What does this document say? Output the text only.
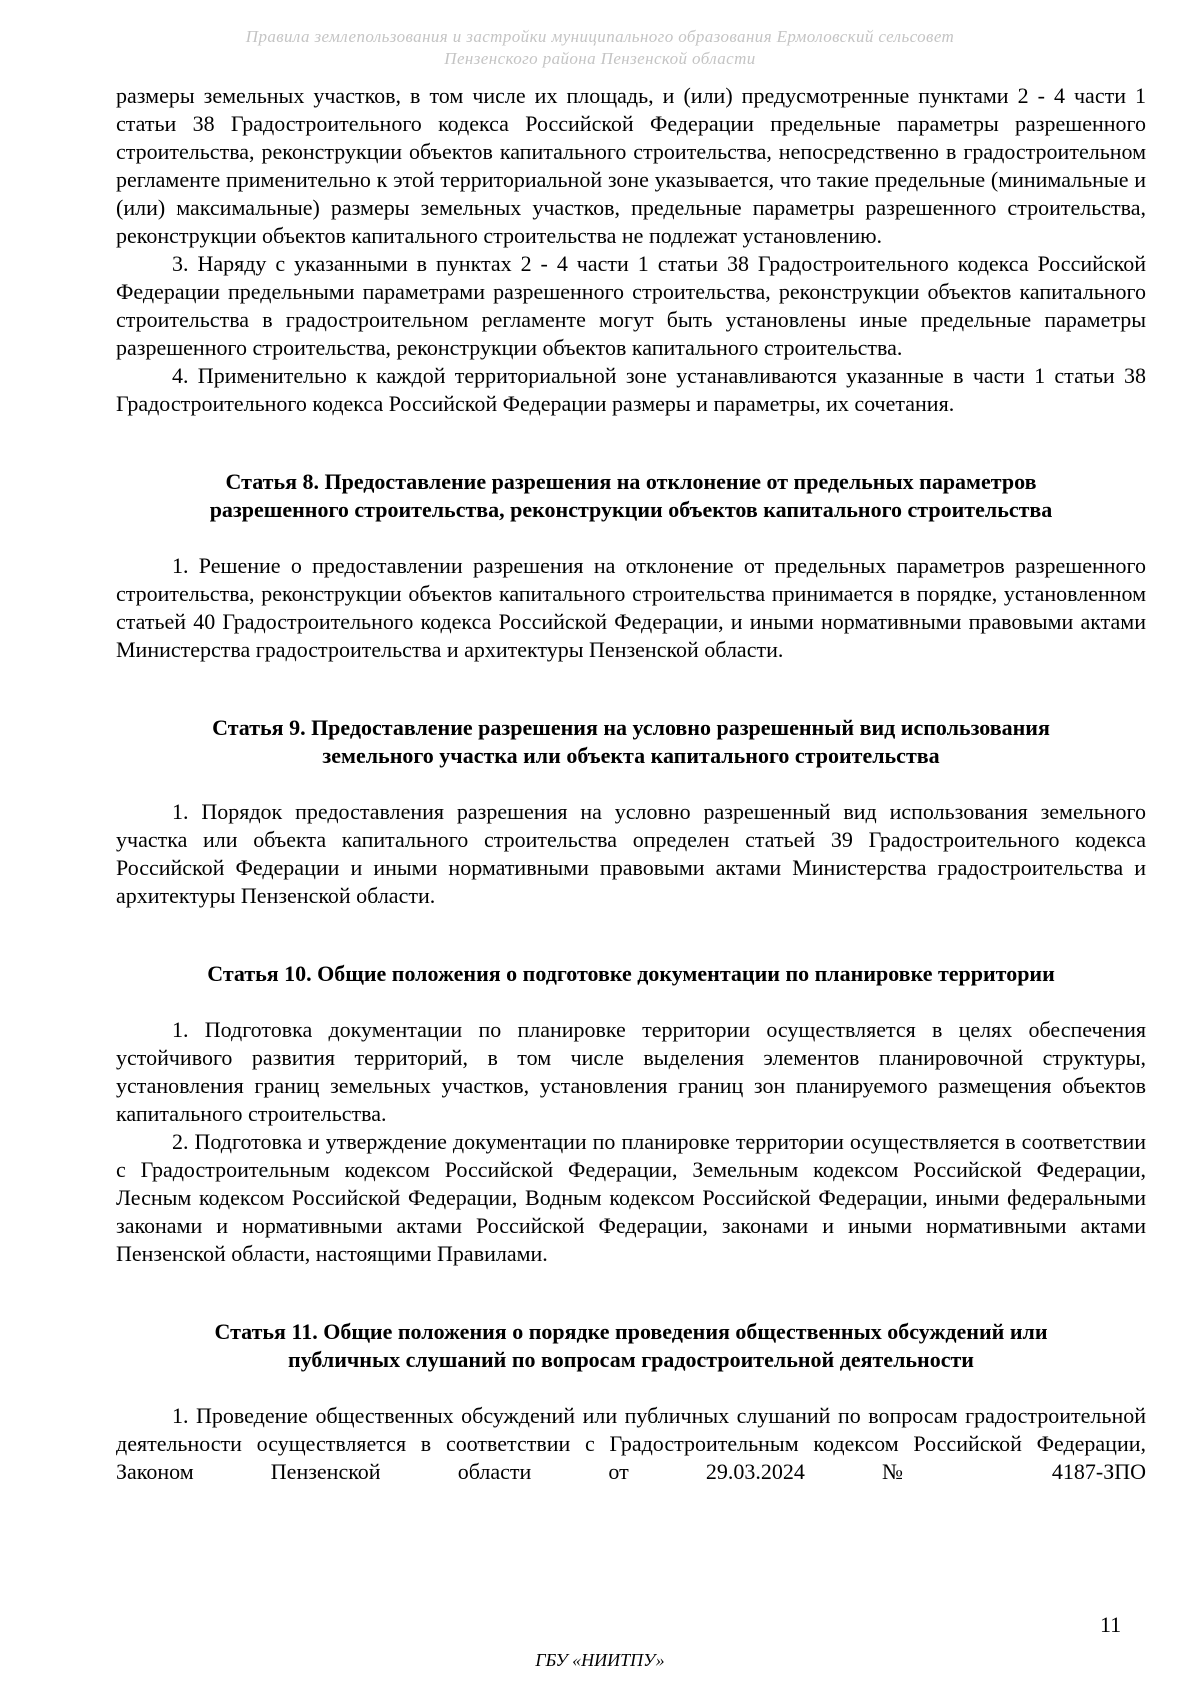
Правила землепользования и застройки муниципального образования Ермоловский сельсовет
Пензенского района Пензенской области

размеры земельных участков, в том числе их площадь, и (или) предусмотренные пунктами 2 - 4 части 1 статьи 38 Градостроительного кодекса Российской Федерации предельные параметры разрешенного строительства, реконструкции объектов капитального строительства, непосредственно в градостроительном регламенте применительно к этой территориальной зоне указывается, что такие предельные (минимальные и (или) максимальные) размеры земельных участков, предельные параметры разрешенного строительства, реконструкции объектов капитального строительства не подлежат установлению.

3. Наряду с указанными в пунктах 2 - 4 части 1 статьи 38 Градостроительного кодекса Российской Федерации предельными параметрами разрешенного строительства, реконструкции объектов капитального строительства в градостроительном регламенте могут быть установлены иные предельные параметры разрешенного строительства, реконструкции объектов капитального строительства.

4. Применительно к каждой территориальной зоне устанавливаются указанные в части 1 статьи 38 Градостроительного кодекса Российской Федерации размеры и параметры, их сочетания.

Статья 8. Предоставление разрешения на отклонение от предельных параметров
разрешенного строительства, реконструкции объектов капитального строительства

1. Решение о предоставлении разрешения на отклонение от предельных параметров разрешенного строительства, реконструкции объектов капитального строительства принимается в порядке, установленном статьей 40 Градостроительного кодекса Российской Федерации, и иными нормативными правовыми актами Министерства градостроительства и архитектуры Пензенской области.

Статья 9. Предоставление разрешения на условно разрешенный вид использования
земельного участка или объекта капитального строительства

1. Порядок предоставления разрешения на условно разрешенный вид использования земельного участка или объекта капитального строительства определен статьей 39 Градостроительного кодекса Российской Федерации и иными нормативными правовыми актами Министерства градостроительства и архитектуры Пензенской области.

Статья 10. Общие положения о подготовке документации по планировке территории

1. Подготовка документации по планировке территории осуществляется в целях обеспечения устойчивого развития территорий, в том числе выделения элементов планировочной структуры, установления границ земельных участков, установления границ зон планируемого размещения объектов капитального строительства.

2. Подготовка и утверждение документации по планировке территории осуществляется в соответствии с Градостроительным кодексом Российской Федерации, Земельным кодексом Российской Федерации, Лесным кодексом Российской Федерации, Водным кодексом Российской Федерации, иными федеральными законами и нормативными актами Российской Федерации, законами и иными нормативными актами Пензенской области, настоящими Правилами.

Статья 11. Общие положения о порядке проведения общественных обсуждений или
публичных слушаний по вопросам градостроительной деятельности

1. Проведение общественных обсуждений или публичных слушаний по вопросам градостроительной деятельности осуществляется в соответствии с Градостроительным кодексом Российской Федерации, Законом Пензенской области от 29.03.2024 № 4187-ЗПО

11
ГБУ «НИИТПУ»
